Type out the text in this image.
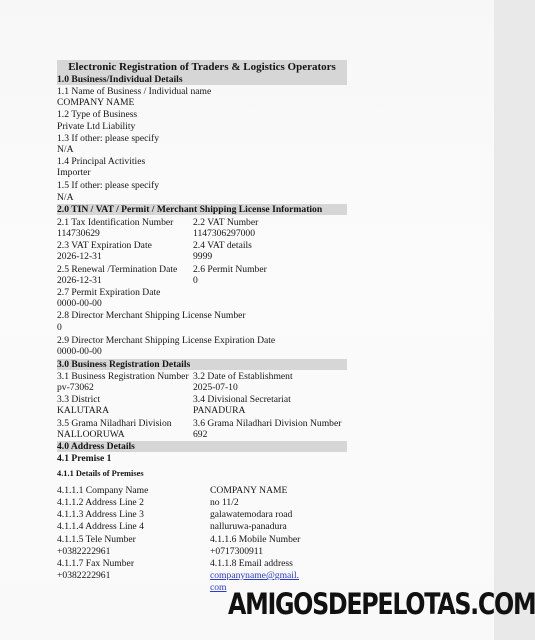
Electronic Registration of Traders & Logistics Operators
1.0 Business/Individual Details
1.1 Name of Business / Individual name
COMPANY NAME
1.2 Type of Business
Private Ltd Liability
1.3 If other: please specify
N/A
1.4 Principal Activities
Importer
1.5 If other: please specify
N/A
2.0 TIN / VAT / Permit / Merchant Shipping License Information
2.1 Tax Identification Number 2.2 VAT Number
114730629	1147306297000
2.3 VAT Expiration Date	2.4 VAT details
2026-12-31	9999
2.5 Renewal /Termination Date 2.6 Permit Number
2026-12-31	0
2.7 Permit Expiration Date
0000-00-00
2.8 Director Merchant Shipping License Number
0
2.9 Director Merchant Shipping License Expiration Date
0000-00-00
3.0 Business Registration Details
3.1 Business Registration Number 3.2 Date of Establishment
pv-73062	2025-07-10
3.3 District	3.4 Divisional Secretariat
KALUTARA	PANADURA
3.5 Grama Niladhari Division 3.6 Grama Niladhari Division Number
NALLOORUWA	692
4.0 Address Details
4.1 Premise 1
4.1.1 Details of Premises
4.1.1.1 Company Name	COMPANY NAME
4.1.1.2 Address Line 2	no 11/2
4.1.1.3 Address Line 3	galawatemodara road
4.1.1.4 Address Line 4	nalluruwa-panadura
4.1.1.5 Tele Number	4.1.1.6 Mobile Number
+0382222961	+0717300911
4.1.1.7 Fax Number	4.1.1.8 Email address
+0382222961	companyname@gmail.
com AMIGOSDEPELOTAS.COM
